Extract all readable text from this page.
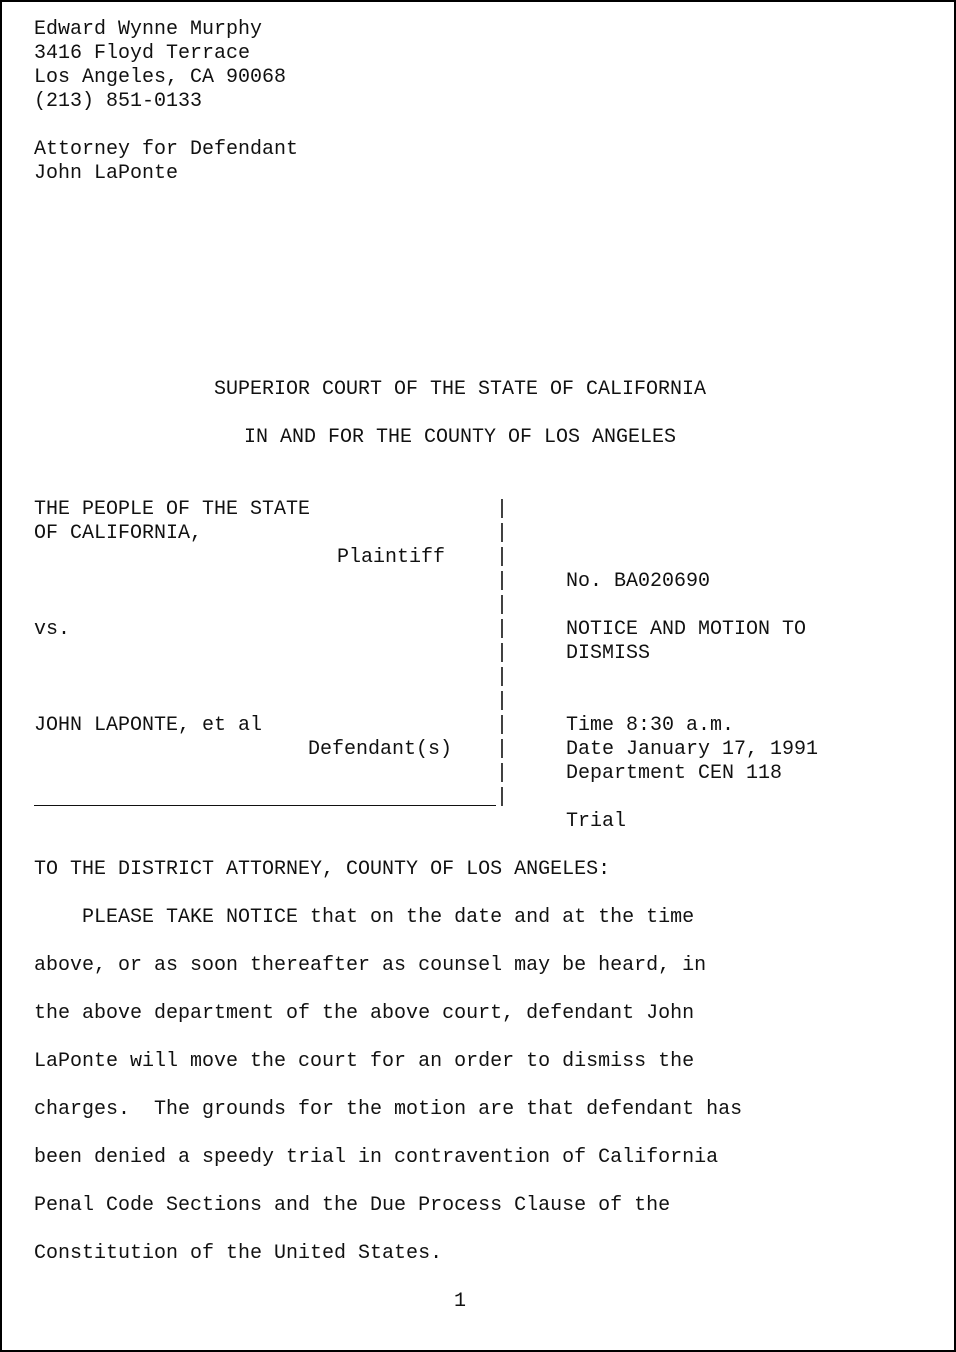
Edward Wynne Murphy
3416 Floyd Terrace
Los Angeles, CA 90068
(213) 851-0133
Attorney for Defendant
John LaPonte
SUPERIOR COURT OF THE STATE OF CALIFORNIA
IN AND FOR THE COUNTY OF LOS ANGELES
THE PEOPLE OF THE STATE
OF CALIFORNIA,
Plaintiff
vs.
JOHN LAPONTE, et al
Defendant(s)
|
|
|
|
|
|
|
|
|
|
|
|
|
No. BA020690
NOTICE AND MOTION TO
DISMISS
Time 8:30 a.m.
Date January 17, 1991
Department CEN 118
Trial
TO THE DISTRICT ATTORNEY, COUNTY OF LOS ANGELES:
PLEASE TAKE NOTICE that on the date and at the time
above, or as soon thereafter as counsel may be heard, in
the above department of the above court, defendant John
LaPonte will move the court for an order to dismiss the
charges.  The grounds for the motion are that defendant has
been denied a speedy trial in contravention of California
Penal Code Sections and the Due Process Clause of the
Constitution of the United States.
1
